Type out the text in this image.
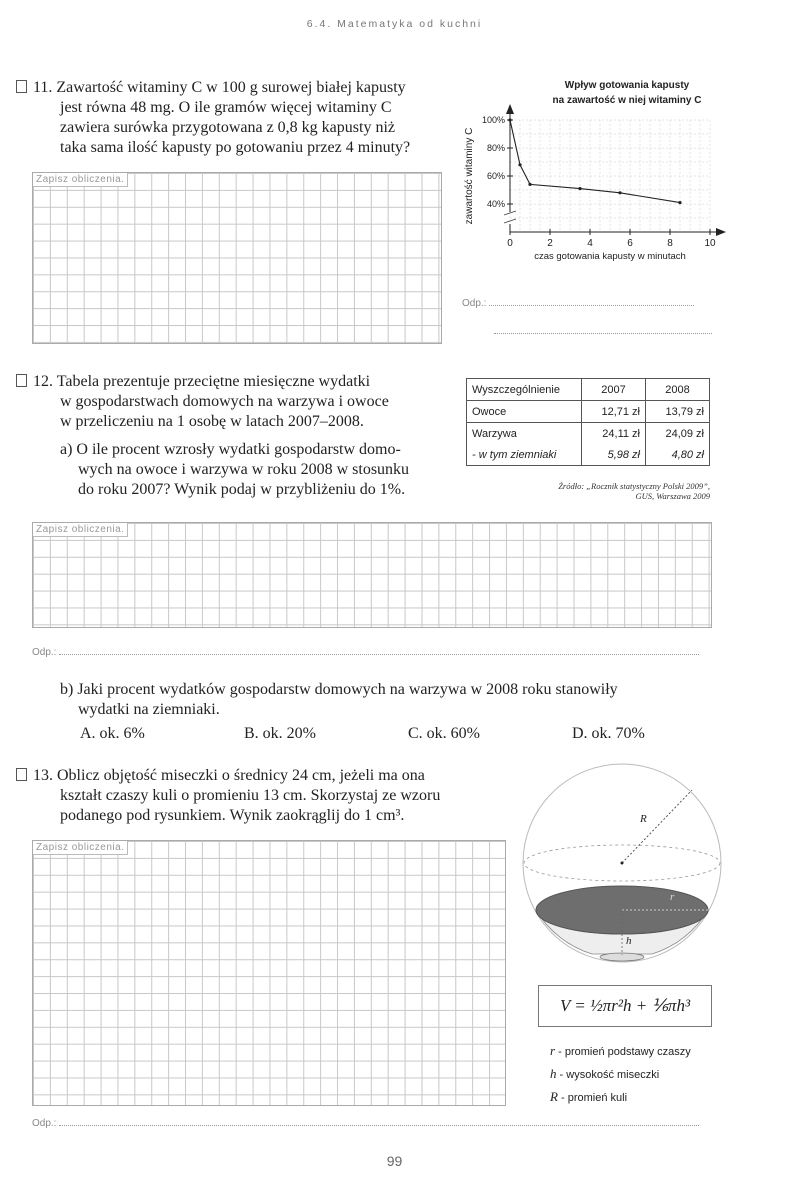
6.4. Matematyka od kuchni
11. Zawartość witaminy C w 100 g surowej białej kapusty
jest równa 48 mg. O ile gramów więcej witaminy C
zawiera surówka przygotowana z 0,8 kg kapusty niż
taka sama ilość kapusty po gotowaniu przez 4 minuty?
Zapisz obliczenia.
Wpływ gotowania kapusty
na zawartość w niej witaminy C
zawartość witaminy C
czas gotowania kapusty w minutach
0	2	4	6	8	10
40%
60%
80%
100%
Odp.:
12. Tabela prezentuje przeciętne miesięczne wydatki
w gospodarstwach domowych na warzywa i owoce
w przeliczeniu na 1 osobę w latach 2007–2008.
a) O ile procent wzrosły wydatki gospodarstw domo-
wych na owoce i warzywa w roku 2008 w stosunku
do roku 2007? Wynik podaj w przybliżeniu do 1%.
Wyszczególnienie	2007	2008
Owoce	12,71 zł	13,79 zł
Warzywa	24,11 zł	24,09 zł
- w tym ziemniaki	5,98 zł	4,80 zł
Źródło: „Rocznik statystyczny Polski 2009”,
GUS, Warszawa 2009
Zapisz obliczenia.
Odp.:
b) Jaki procent wydatków gospodarstw domowych na warzywa w 2008 roku stanowiły
wydatki na ziemniaki.
A. ok. 6%	B. ok. 20%	C. ok. 60%	D. ok. 70%
13. Oblicz objętość miseczki o średnicy 24 cm, jeżeli ma ona
kształt czaszy kuli o promieniu 13 cm. Skorzystaj ze wzoru
podanego pod rysunkiem. Wynik zaokrąglij do 1 cm³.
Zapisz obliczenia.
R
r
h
V = ½πr²h + ⅙πh³
r - promień podstawy czaszy
h - wysokość miseczki
R - promień kuli
Odp.:
99
